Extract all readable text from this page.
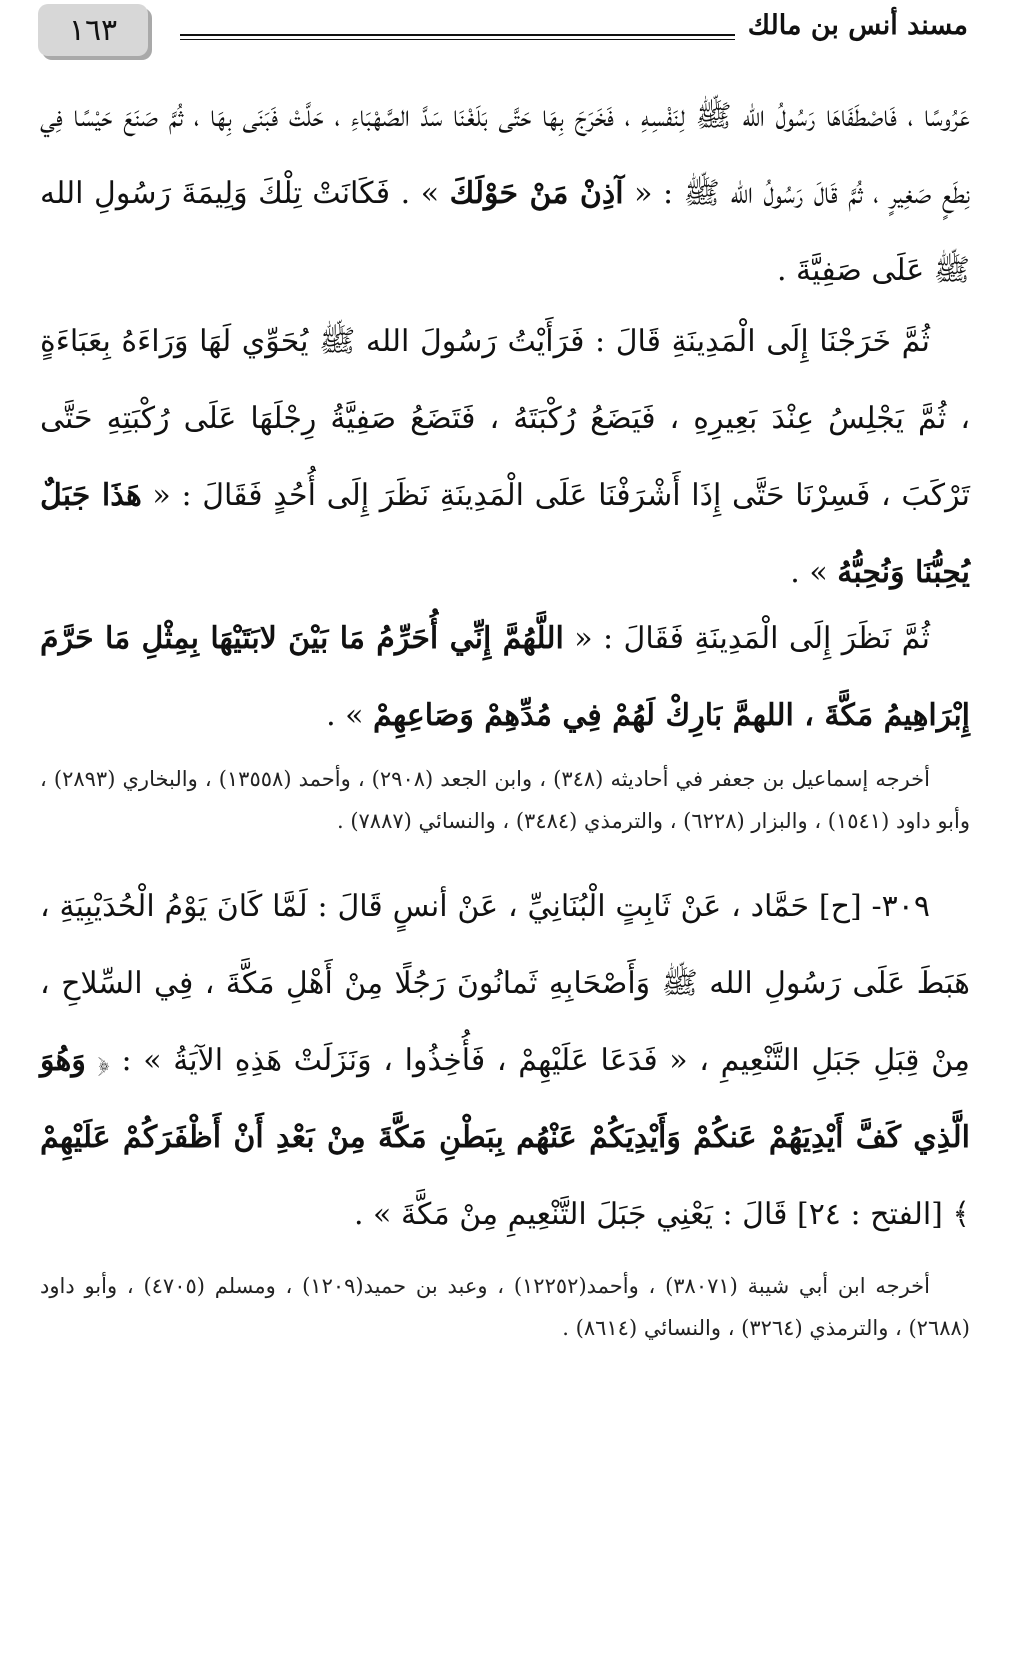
١٦٣	مسند أنس بن مالك

عَرُوسًا ، فَاصْطَفَاهَا رَسُولُ الله ﷺ لِنَفْسِهِ ، فَخَرَجَ بِهَا حَتَّى بَلَغْنَا سَدَّ الصَّهْبَاءِ ، حَلَّتْ فَبَنَى بِهَا ، ثُمَّ صَنَعَ حَيْسًا فِي نِطَعٍ صَغِيرٍ ، ثُمَّ قَالَ رَسُولُ الله ﷺ : « آذِنْ مَنْ حَوْلَكَ » . فَكَانَتْ تِلْكَ وَلِيمَةَ رَسُولِ الله ﷺ عَلَى صَفِيَّةَ .

ثُمَّ خَرَجْنَا إِلَى الْمَدِينَةِ قَالَ : فَرَأَيْتُ رَسُولَ الله ﷺ يُحَوِّي لَهَا وَرَاءَهُ بِعَبَاءَةٍ ، ثُمَّ يَجْلِسُ عِنْدَ بَعِيرِهِ ، فَيَضَعُ رُكْبَتَهُ ، فَتَضَعُ صَفِيَّةُ رِجْلَهَا عَلَى رُكْبَتِهِ حَتَّى تَرْكَبَ ، فَسِرْنَا حَتَّى إِذَا أَشْرَفْنَا عَلَى الْمَدِينَةِ نَظَرَ إِلَى أُحُدٍ فَقَالَ : « هَذَا جَبَلٌ يُحِبُّنَا وَنُحِبُّهُ » .

ثُمَّ نَظَرَ إِلَى الْمَدِينَةِ فَقَالَ : « اللَّهُمَّ إِنِّي أُحَرِّمُ مَا بَيْنَ لابَتَيْهَا بِمِثْلِ مَا حَرَّمَ إِبْرَاهِيمُ مَكَّةَ ، اللهمَّ بَارِكْ لَهُمْ فِي مُدِّهِمْ وَصَاعِهِمْ » .

أخرجه إسماعيل بن جعفر في أحاديثه (٣٤٨) ، وابن الجعد (٢٩٠٨) ، وأحمد (١٣٥٥٨) ، والبخاري (٢٨٩٣) ، وأبو داود (١٥٤١) ، والبزار (٦٢٢٨) ، والترمذي (٣٤٨٤) ، والنسائي (٧٨٨٧) .

٣٠٩- [ح] حَمَّاد ، عَنْ ثَابِتٍ الْبُنَانِيِّ ، عَنْ أنسٍ قَالَ : لَمَّا كَانَ يَوْمُ الْحُدَيْبِيَةِ ، هَبَطَ عَلَى رَسُولِ الله ﷺ وَأَصْحَابِهِ ثَمانُونَ رَجُلًا مِنْ أَهْلِ مَكَّةَ ، فِي السِّلاحِ ، مِنْ قِبَلِ جَبَلِ التَّنْعِيمِ ، « فَدَعَا عَلَيْهِمْ ، فَأُخِذُوا ، وَنَزَلَتْ هَذِهِ الآيَةُ » : ﴿ وَهُوَ الَّذِي كَفَّ أَيْدِيَهُمْ عَنكُمْ وَأَيْدِيَكُمْ عَنْهُم بِبَطْنِ مَكَّةَ مِنْ بَعْدِ أَنْ أَظْفَرَكُمْ عَلَيْهِمْ ﴾ [الفتح : ٢٤] قَالَ : يَعْنِي جَبَلَ التَّنْعِيمِ مِنْ مَكَّةَ » .

أخرجه ابن أبي شيبة (٣٨٠٧١) ، وأحمد(١٢٢٥٢) ، وعبد بن حميد(١٢٠٩) ، ومسلم (٤٧٠٥) ، وأبو داود (٢٦٨٨) ، والترمذي (٣٢٦٤) ، والنسائي (٨٦١٤) .
